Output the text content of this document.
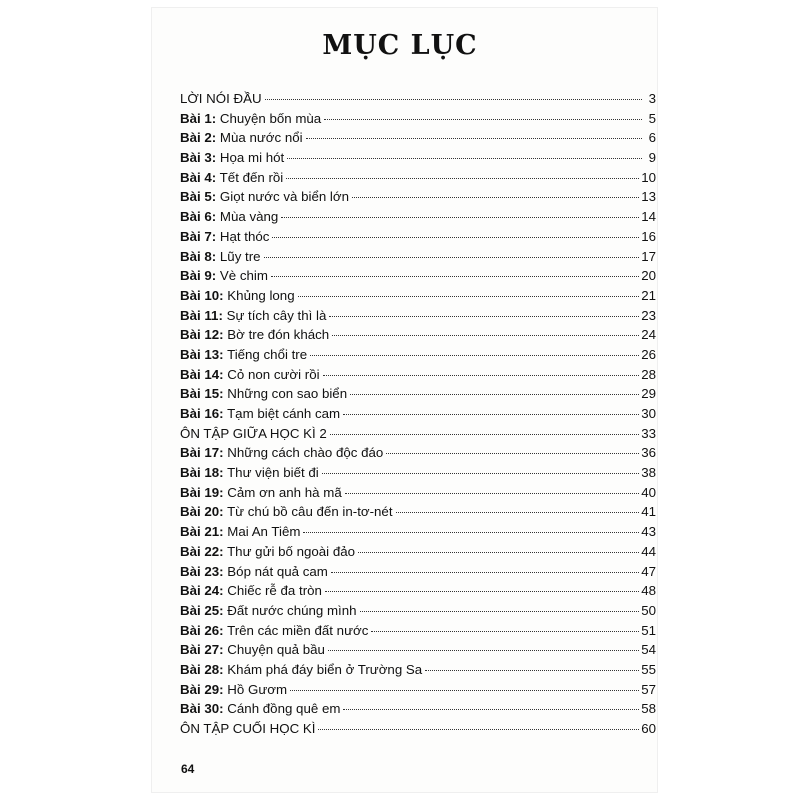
MỤC LỤC
LỜI NÓI ĐẦU	3
Bài 1: Chuyện bốn mùa	5
Bài 2: Mùa nước nổi	6
Bài 3: Họa mi hót	9
Bài 4: Tết đến rồi	10
Bài 5: Giọt nước và biển lớn	13
Bài 6: Mùa vàng	14
Bài 7: Hạt thóc	16
Bài 8: Lũy tre	17
Bài 9: Vè chim	20
Bài 10: Khủng long	21
Bài 11: Sự tích cây thì là	23
Bài 12: Bờ tre đón khách	24
Bài 13: Tiếng chổi tre	26
Bài 14: Cỏ non cười rồi	28
Bài 15: Những con sao biển	29
Bài 16: Tạm biệt cánh cam	30
ÔN TẬP GIỮA HỌC KÌ 2	33
Bài 17: Những cách chào độc đáo	36
Bài 18: Thư viện biết đi	38
Bài 19: Cảm ơn anh hà mã	40
Bài 20: Từ chú bồ câu đến in-tơ-nét	41
Bài 21: Mai An Tiêm	43
Bài 22: Thư gửi bố ngoài đảo	44
Bài 23: Bóp nát quả cam	47
Bài 24: Chiếc rễ đa tròn	48
Bài 25: Đất nước chúng mình	50
Bài 26: Trên các miền đất nước	51
Bài 27: Chuyện quả bầu	54
Bài 28: Khám phá đáy biển ở Trường Sa	55
Bài 29: Hồ Gươm	57
Bài 30: Cánh đồng quê em	58
ÔN TẬP CUỐI HỌC KÌ	60
64
